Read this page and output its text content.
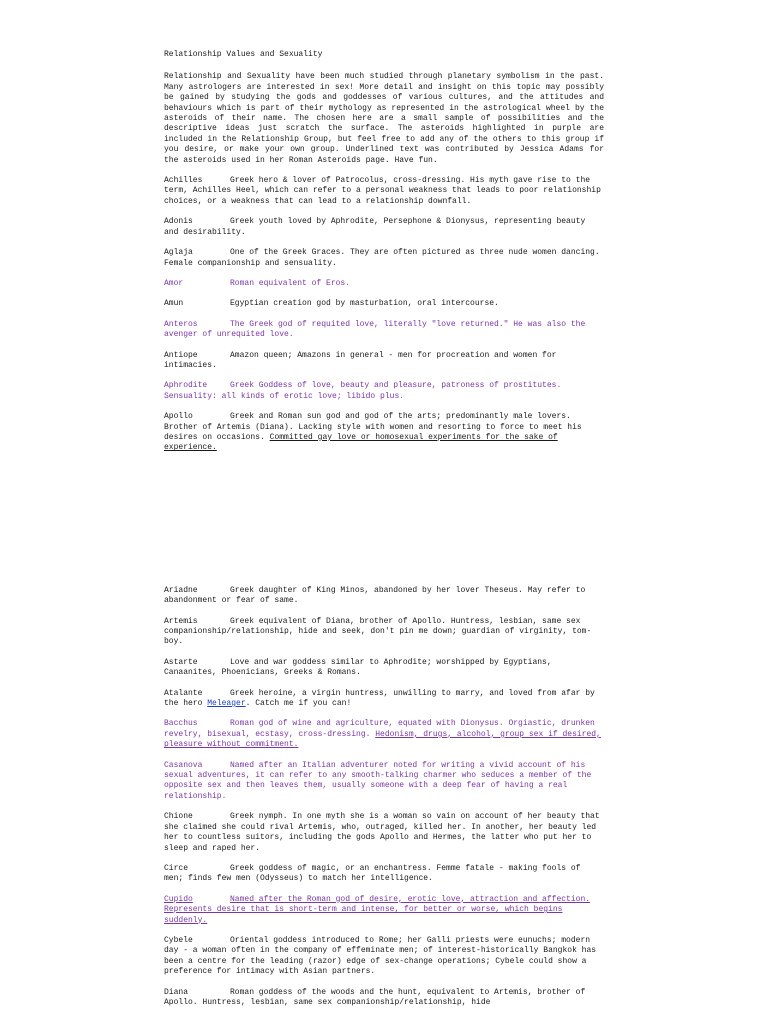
Relationship Values and Sexuality
Relationship and Sexuality have been much studied through planetary symbolism in the past. Many astrologers are interested in sex! More detail and insight on this topic may possibly be gained by studying the gods and goddesses of various cultures, and the attitudes and behaviours which is part of their mythology as represented in the astrological wheel by the asteroids of their name. The chosen here are a small sample of possibilities and the descriptive ideas just scratch the surface. The asteroids highlighted in purple are included in the Relationship Group, but feel free to add any of the others to this group if you desire, or make your own group. Underlined text was contributed by Jessica Adams for the asteroids used in her Roman Asteroids page. Have fun.
Achilles	Greek hero & lover of Patrocolus, cross-dressing. His myth gave rise to the term, Achilles Heel, which can refer to a personal weakness that leads to poor relationship choices, or a weakness that can lead to a relationship downfall.
Adonis	Greek youth loved by Aphrodite, Persephone & Dionysus, representing beauty and desirability.
Aglaja	One of the Greek Graces. They are often pictured as three nude women dancing. Female companionship and sensuality.
Amor	Roman equivalent of Eros.
Amun	Egyptian creation god by masturbation, oral intercourse.
Anteros	The Greek god of requited love, literally "love returned." He was also the avenger of unrequited love.
Antiope	Amazon queen; Amazons in general - men for procreation and women for intimacies.
Aphrodite	Greek Goddess of love, beauty and pleasure, patroness of prostitutes. Sensuality: all kinds of erotic love; libido plus.
Apollo	Greek and Roman sun god and god of the arts; predominantly male lovers. Brother of Artemis (Diana). Lacking style with women and resorting to force to meet his desires on occasions. Committed gay love or homosexual experiments for the sake of experience.
Ariadne	Greek daughter of King Minos, abandoned by her lover Theseus. May refer to abandonment or fear of same.
Artemis	Greek equivalent of Diana, brother of Apollo. Huntress, lesbian, same sex companionship/relationship, hide and seek, don't pin me down; guardian of virginity, tom-boy.
Astarte	Love and war goddess similar to Aphrodite; worshipped by Egyptians, Canaanites, Phoenicians, Greeks & Romans.
Atalante	Greek heroine, a virgin huntress, unwilling to marry, and loved from afar by the hero Meleager. Catch me if you can!
Bacchus	Roman god of wine and agriculture, equated with Dionysus. Orgiastic, drunken revelry, bisexual, ecstasy, cross-dressing. Hedonism, drugs, alcohol, group sex if desired, pleasure without commitment.
Casanova	Named after an Italian adventurer noted for writing a vivid account of his sexual adventures, it can refer to any smooth-talking charmer who seduces a member of the opposite sex and then leaves them, usually someone with a deep fear of having a real relationship.
Chione	Greek nymph. In one myth she is a woman so vain on account of her beauty that she claimed she could rival Artemis, who, outraged, killed her. In another, her beauty led her to countless suitors, including the gods Apollo and Hermes, the latter who put her to sleep and raped her.
Circe	Greek goddess of magic, or an enchantress. Femme fatale - making fools of men; finds few men (Odysseus) to match her intelligence.
Cupido	Named after the Roman god of desire, erotic love, attraction and affection. Represents desire that is short-term and intense, for better or worse, which begins suddenly.
Cybele	Oriental goddess introduced to Rome; her Galli priests were eunuchs; modern day - a woman often in the company of effeminate men; of interest-historically Bangkok has been a centre for the leading (razor) edge of sex-change operations; Cybele could show a preference for intimacy with Asian partners.
Diana	Roman goddess of the woods and the hunt, equivalent to Artemis, brother of Apollo. Huntress, lesbian, same sex companionship/relationship, hide
